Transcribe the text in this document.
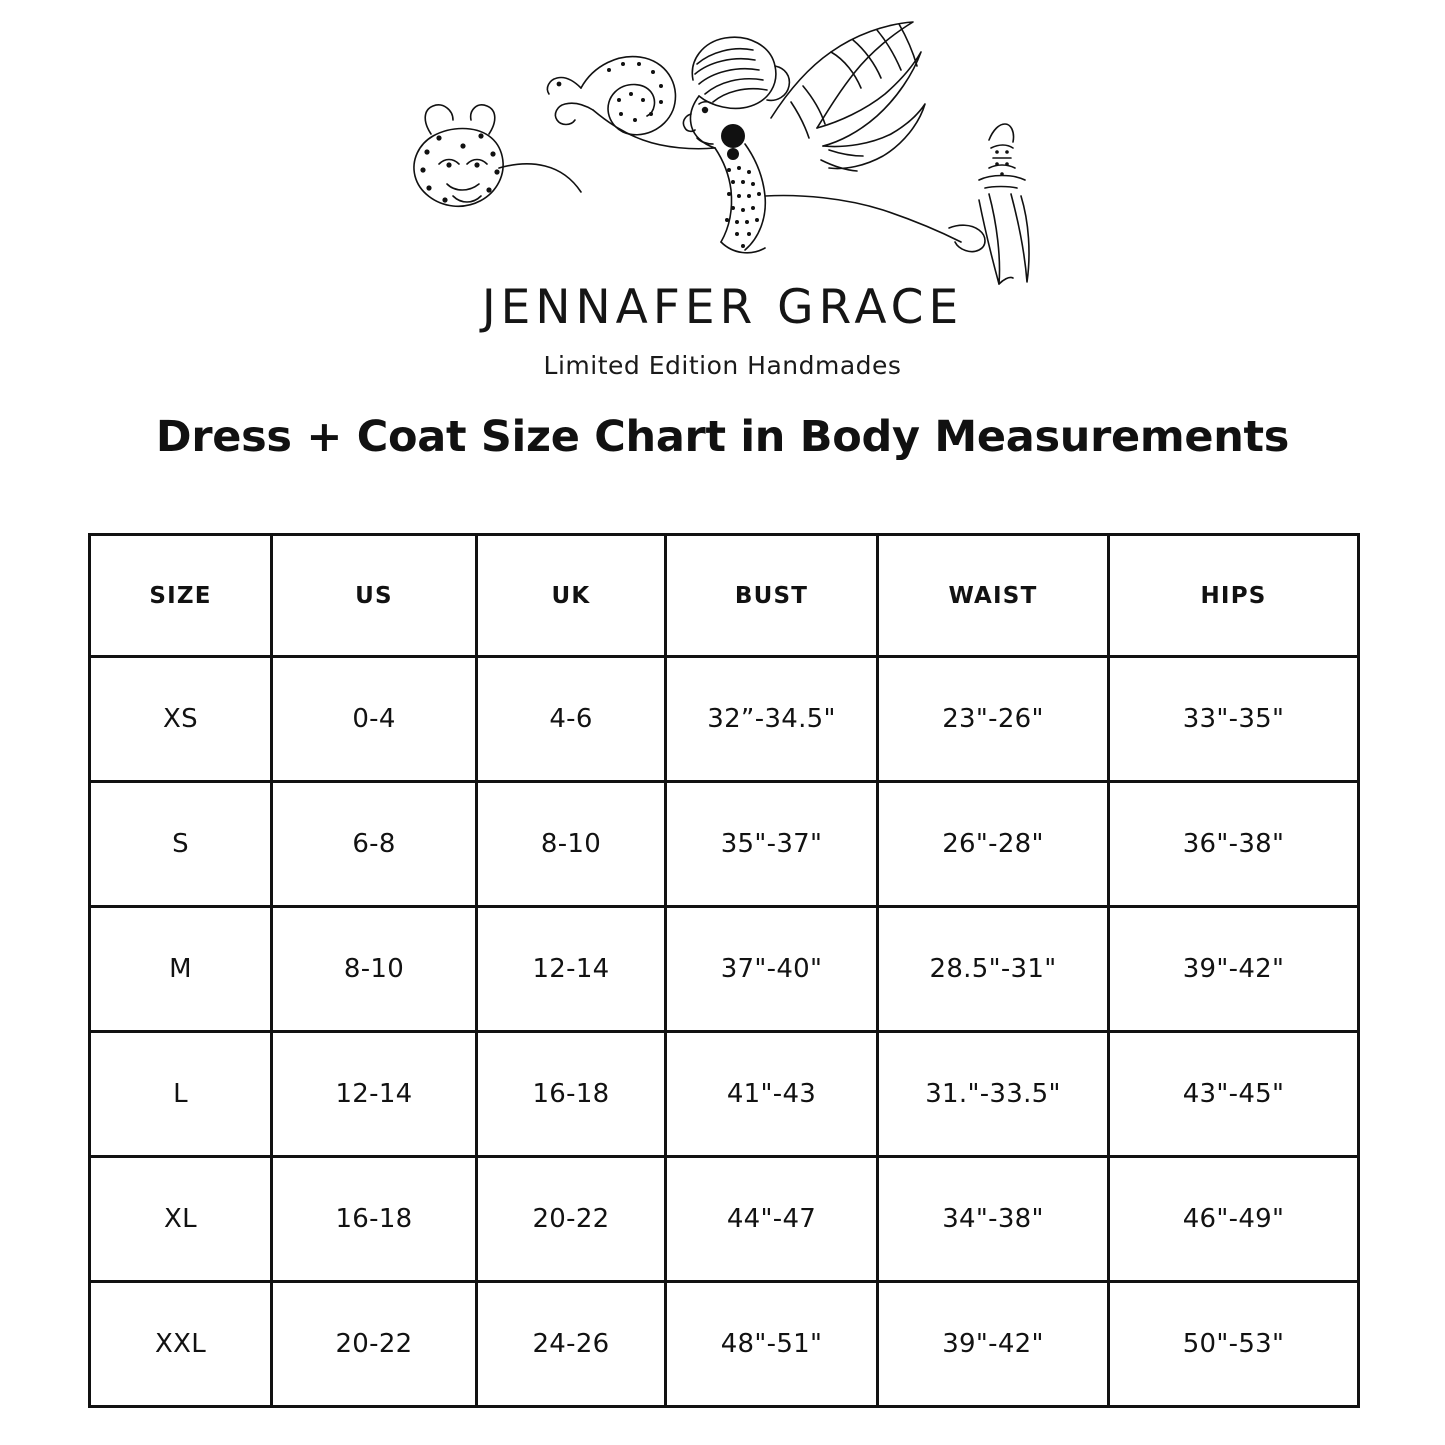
JENNAFER GRACE
Limited Edition Handmades
Dress + Coat Size Chart in Body Measurements
SIZE	US	UK	BUST	WAIST	HIPS
XS	0-4	4-6	32”-34.5"	23"-26"	33"-35"
S	6-8	8-10	35"-37"	26"-28"	36"-38"
M	8-10	12-14	37"-40"	28.5"-31"	39"-42"
L	12-14	16-18	41"-43	31."-33.5"	43"-45"
XL	16-18	20-22	44"-47	34"-38"	46"-49"
XXL	20-22	24-26	48"-51"	39"-42"	50"-53"
